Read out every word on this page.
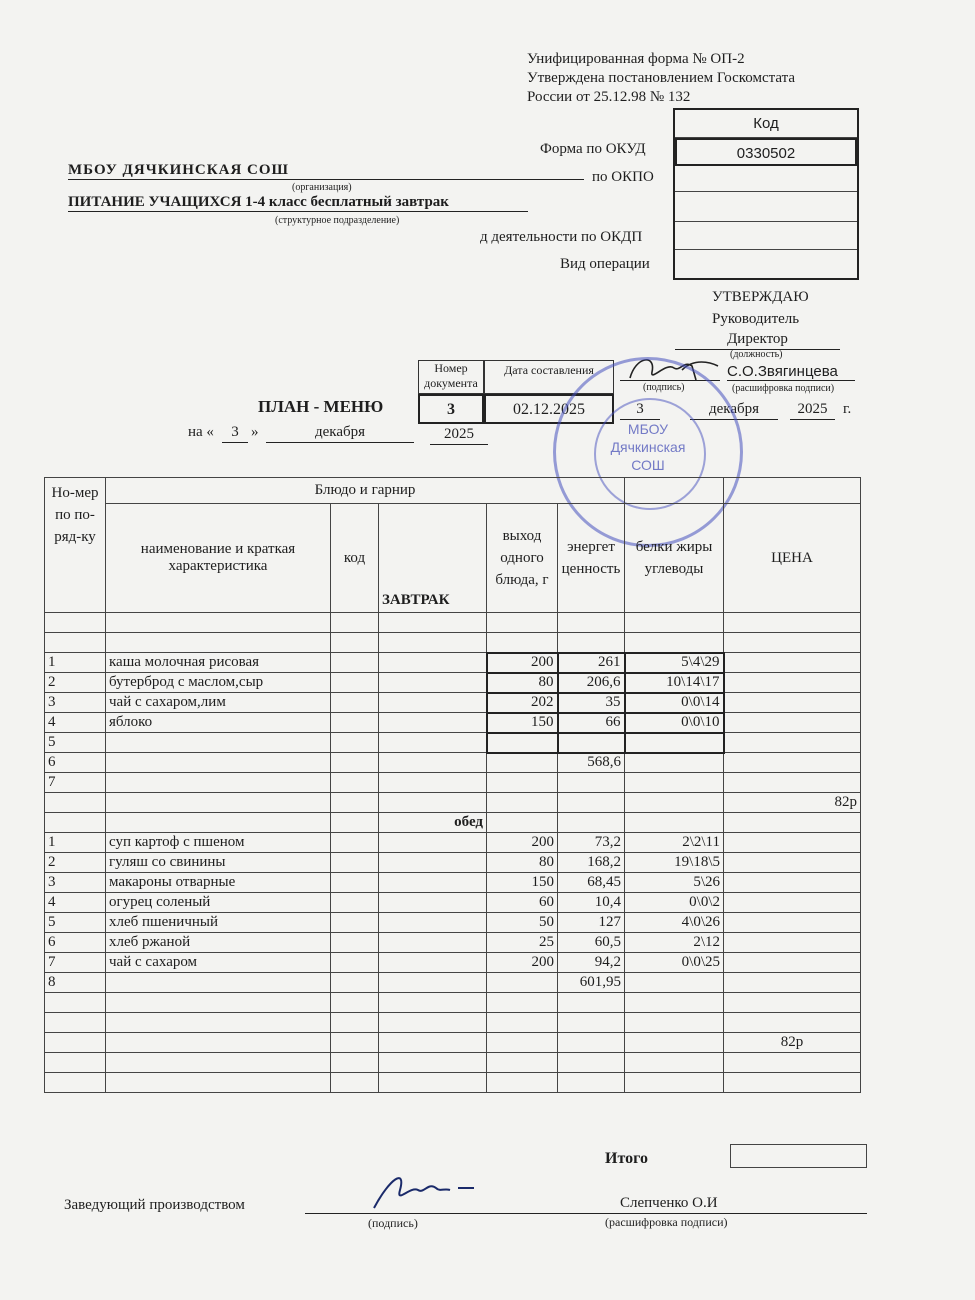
Унифицированная форма № ОП-2
Утверждена постановлением Госкомстата
России от 25.12.98 № 132
Код
0330502
Форма по ОКУД
по ОКПО
д деятельности по ОКДП
Вид операции
МБОУ ДЯЧКИНСКАЯ СОШ
(организация)
ПИТАНИЕ УЧАЩИХСЯ 1-4 класс бесплатный завтрак
(структурное подразделение)
УТВЕРЖДАЮ
Руководитель
Директор
(должность)
(подпись)
С.О.Звягинцева
(расшифровка подписи)
3	декабря	2025	г.
Номер документа
Дата составления
3	02.12.2025
ПЛАН - МЕНЮ
на «	3 »	декабря	2025	МБОУ
Дячкинская
СОШ
Но-мер по по-ряд-ку	Блюдо и гарнир						
	наименование и краткая характеристика	код	ЗАВТРАК	выход одного блюда, г	энергет ценность	белки жиры углеводы	ЦЕНА

1	каша молочная рисовая			200	261	5\4\29	
2	бутерброд с маслом,сыр			80	206,6	10\14\17	
3	чай с сахаром,лим			202	35	0\0\14	
4	яблоко			150	66	0\0\10	
5							
6					568,6		
7							
							82р
			обед				
1	суп картоф с пшеном			200	73,2	2\2\11	
2	гуляш со свинины			80	168,2	19\18\5	
3	макароны отварные			150	68,45	5\26	
4	огурец соленый			60	10,4	0\0\2	
5	хлеб пшеничный			50	127	4\0\26	
6	хлеб ржаной			25	60,5	2\12	
7	чай с сахаром			200	94,2	0\0\25	
8					601,95		

							82р

Итого
Заведующий производством	Слепченко О.И
(подпись)	(расшифровка подписи)
